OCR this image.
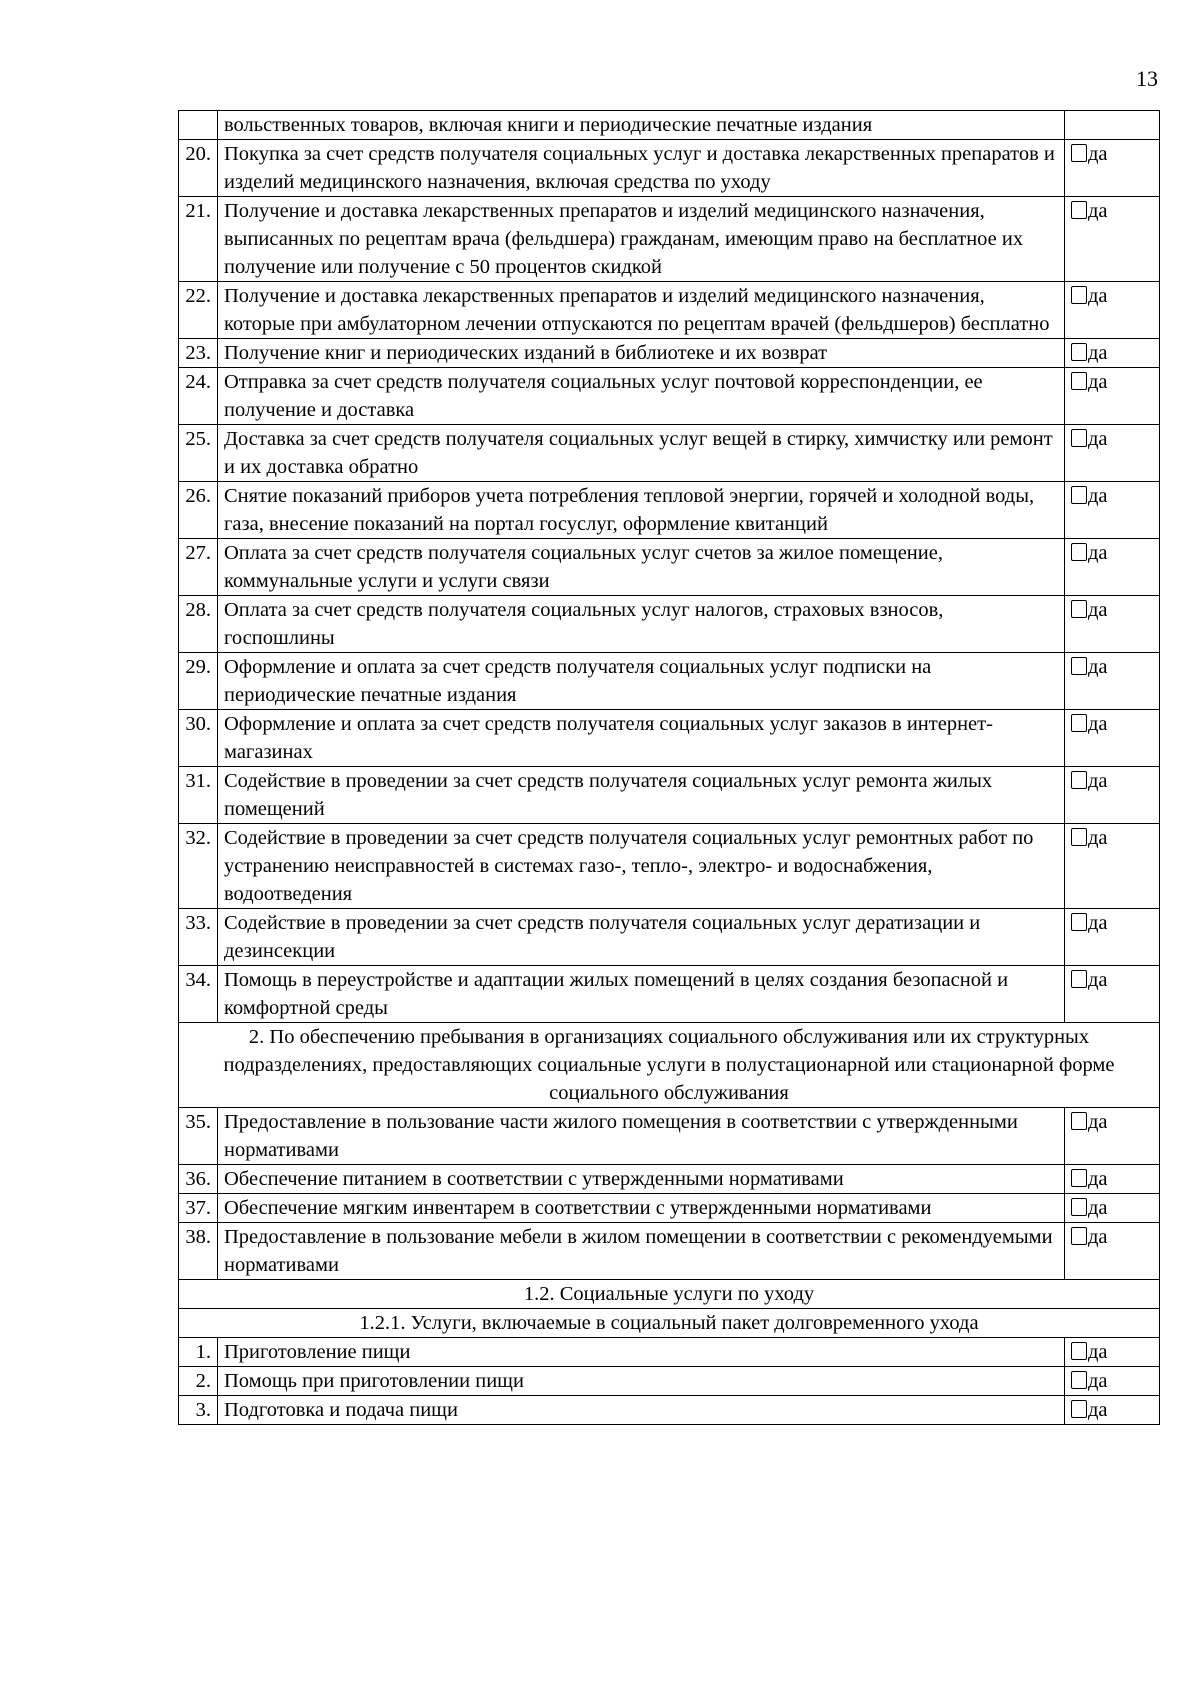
13
	вольственных товаров, включая книги и периодические печатные издания	
20.	Покупка за счет средств получателя социальных услуг и доставка лекарственных препаратов и изделий медицинского назначения, включая средства по уходу	да
21.	Получение и доставка лекарственных препаратов и изделий медицинского назначения, выписанных по рецептам врача (фельдшера) гражданам, имеющим право на бесплатное их получение или получение с 50 процентов скидкой	да
22.	Получение и доставка лекарственных препаратов и изделий медицинского назначения, которые при амбулаторном лечении отпускаются по рецептам врачей (фельдшеров) бесплатно	да
23.	Получение книг и периодических изданий в библиотеке и их возврат	да
24.	Отправка за счет средств получателя социальных услуг почтовой корреспонденции, ее получение и доставка	да
25.	Доставка за счет средств получателя социальных услуг вещей в стирку, химчистку или ремонт и их доставка обратно	да
26.	Снятие показаний приборов учета потребления тепловой энергии, горячей и холодной воды, газа, внесение показаний на портал госуслуг, оформление квитанций	да
27.	Оплата за счет средств получателя социальных услуг счетов за жилое помещение, коммунальные услуги и услуги связи	да
28.	Оплата за счет средств получателя социальных услуг налогов, страховых взносов, госпошлины	да
29.	Оформление и оплата за счет средств получателя социальных услуг подписки на периодические печатные издания	да
30.	Оформление и оплата за счет средств получателя социальных услуг заказов в интернет-магазинах	да
31.	Содействие в проведении за счет средств получателя социальных услуг ремонта жилых помещений	да
32.	Содействие в проведении за счет средств получателя социальных услуг ремонтных работ по устранению неисправностей в системах газо-, тепло-, электро- и водоснабжения, водоотведения	да
33.	Содействие в проведении за счет средств получателя социальных услуг дератизации и дезинсекции	да
34.	Помощь в переустройстве и адаптации жилых помещений в целях создания безопасной и комфортной среды	да
2. По обеспечению пребывания в организациях социального обслуживания или их структурных подразделениях, предоставляющих социальные услуги в полустационарной или стационарной форме социального обслуживания		
35.	Предоставление в пользование части жилого помещения в соответствии с утвержденными нормативами	да
36.	Обеспечение питанием в соответствии с утвержденными нормативами	да
37.	Обеспечение мягким инвентарем в соответствии с утвержденными нормативами	да
38.	Предоставление в пользование мебели в жилом помещении в соответствии с рекомендуемыми нормативами	да
1.2. Социальные услуги по уходу		
1.2.1. Услуги, включаемые в социальный пакет долговременного ухода		
1.	Приготовление пищи	да
2.	Помощь при приготовлении пищи	да
3.	Подготовка и подача пищи	да
